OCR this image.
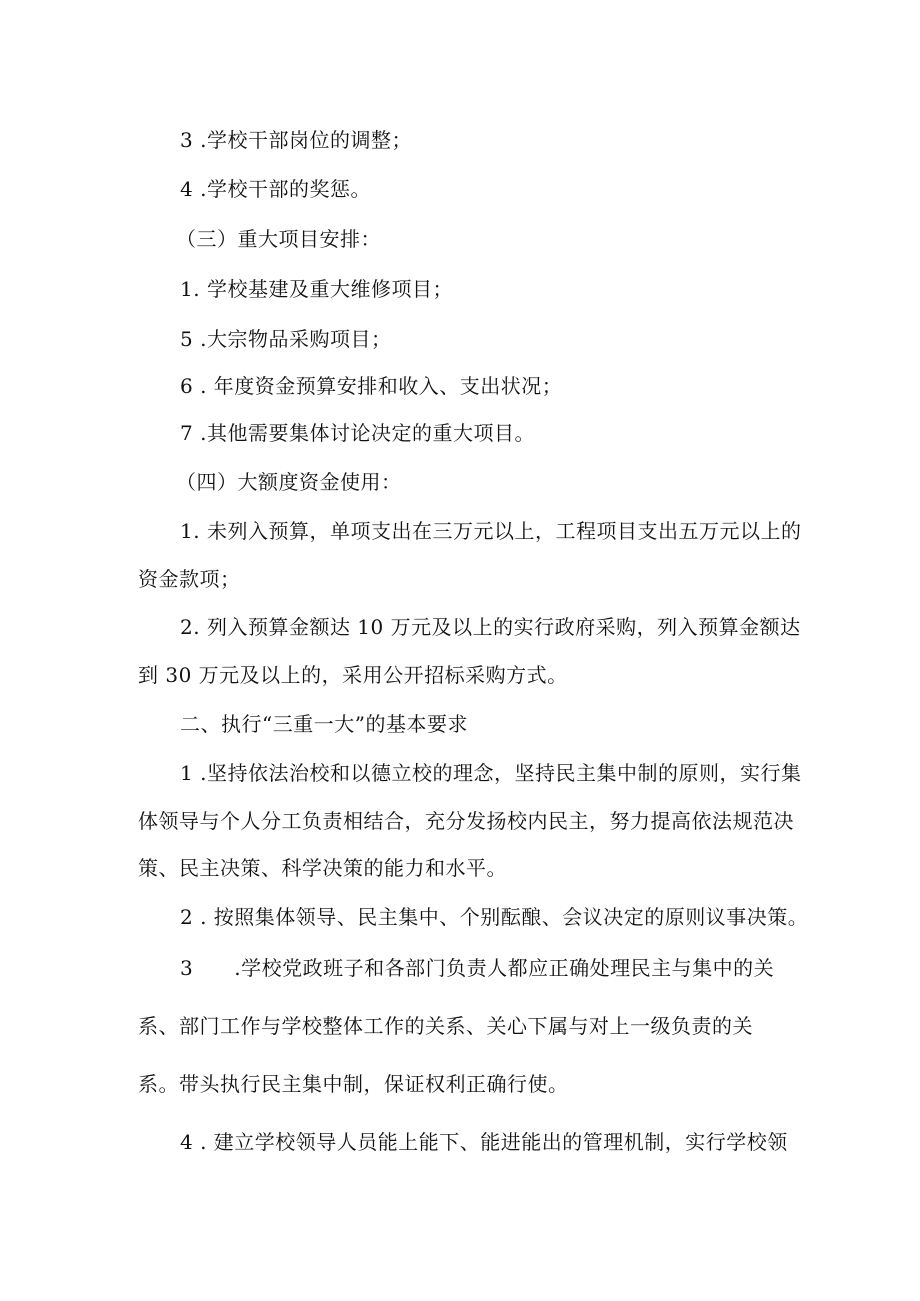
3 .学校干部岗位的调整；
4 .学校干部的奖惩。
（三）重大项目安排：
1. 学校基建及重大维修项目；
5 .大宗物品采购项目；
6 . 年度资金预算安排和收入、支出状况；
7 .其他需要集体讨论决定的重大项目。
（四）大额度资金使用：
1. 未列入预算，单项支出在三万元以上，工程项目支出五万元以上的
资金款项；
2. 列入预算金额达 10 万元及以上的实行政府采购，列入预算金额达
到 30 万元及以上的，采用公开招标采购方式。
二、执行“三重一大”的基本要求
1 .坚持依法治校和以德立校的理念，坚持民主集中制的原则，实行集
体领导与个人分工负责相结合，充分发扬校内民主，努力提高依法规范决
策、民主决策、科学决策的能力和水平。
2 . 按照集体领导、民主集中、个别酝酿、会议决定的原则议事决策。
3　　.学校党政班子和各部门负责人都应正确处理民主与集中的关
系、部门工作与学校整体工作的关系、关心下属与对上一级负责的关
系。带头执行民主集中制，保证权利正确行使。
4 . 建立学校领导人员能上能下、能进能出的管理机制，实行学校领
